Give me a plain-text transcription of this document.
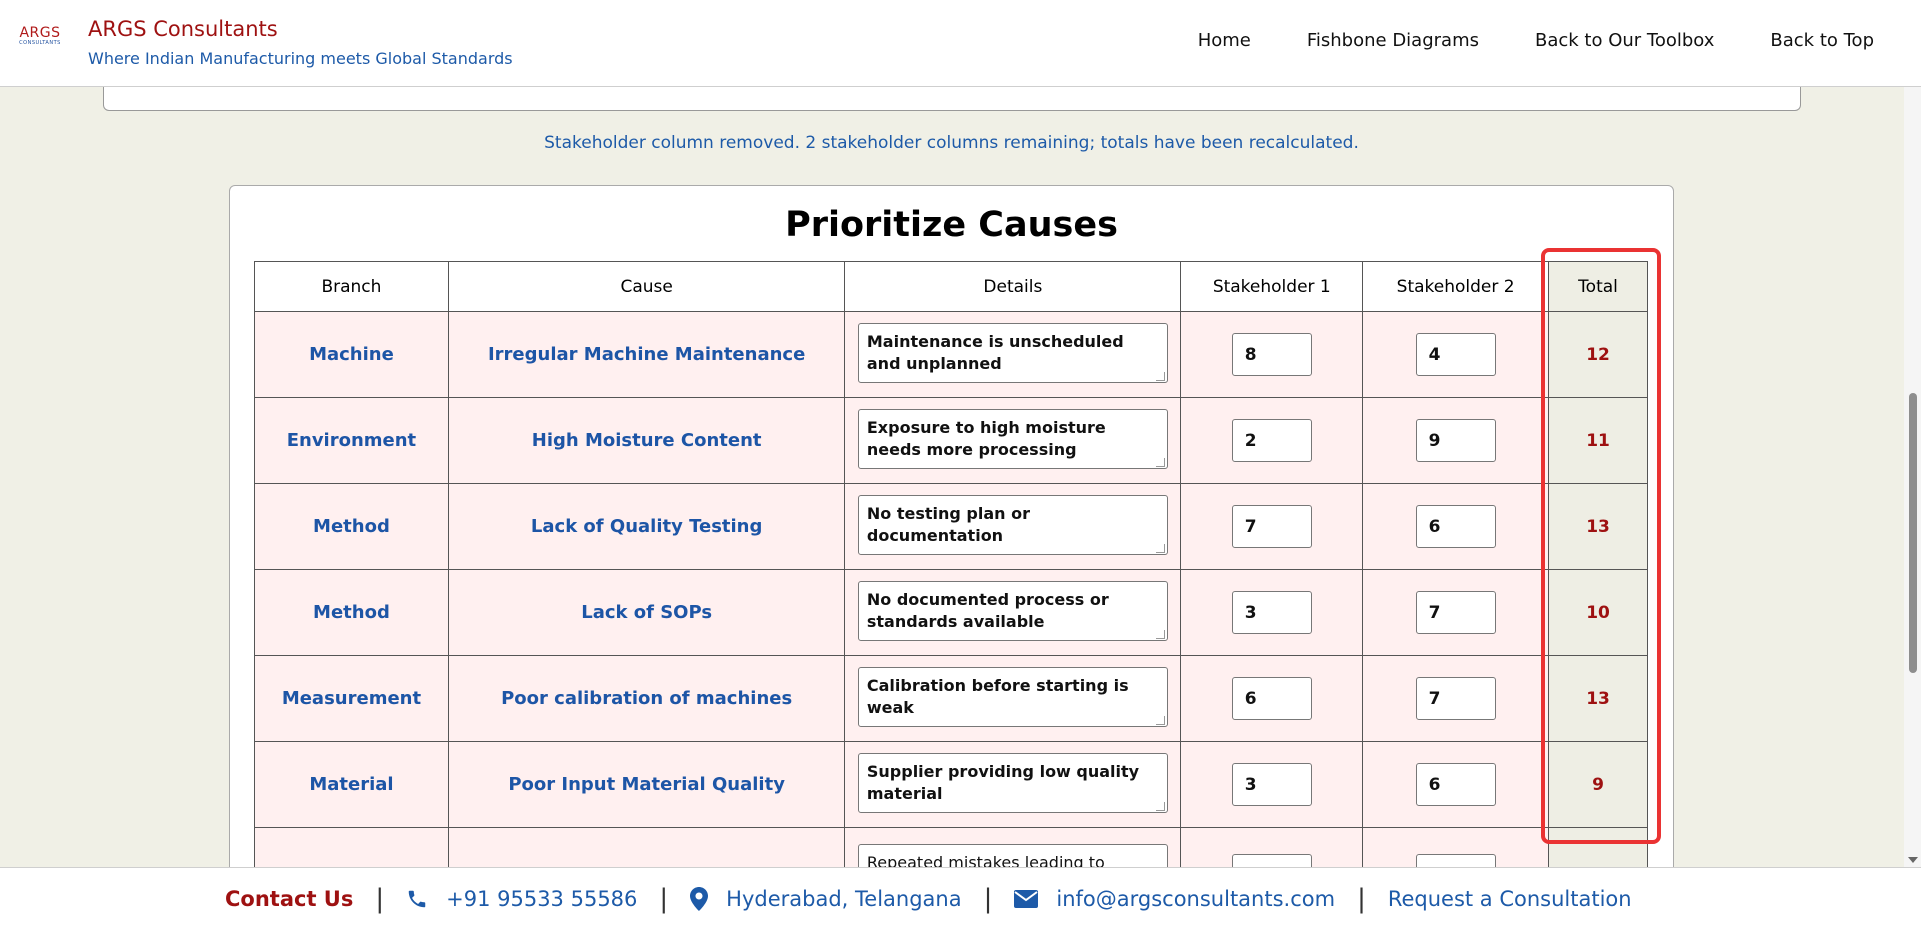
ARGS
CONSULTANTS
ARGS Consultants
Where Indian Manufacturing meets Global Standards
Home	Fishbone Diagrams	Back to Our Toolbox	Back to Top
Stakeholder column removed. 2 stakeholder columns remaining; totals have been recalculated.
Prioritize Causes
Branch	Cause	Details	Stakeholder 1	Stakeholder 2	Total
Machine	Irregular Machine Maintenance	Maintenance is unscheduled and unplanned	8	4	12
Environment	High Moisture Content	Exposure to high moisture needs more processing	2	9	11
Method	Lack of Quality Testing	No testing plan or documentation	7	6	13
Method	Lack of SOPs	No documented process or standards available	3	7	10
Measurement	Poor calibration of machines	Calibration before starting is weak	6	7	13
Material	Poor Input Material Quality	Supplier providing low quality material	3	6	9
		Repeated mistakes leading to rework			
Contact Us |	+91 95533 55586 |	Hyderabad, Telangana |	info@argsconsultants.com | Request a Consultation
